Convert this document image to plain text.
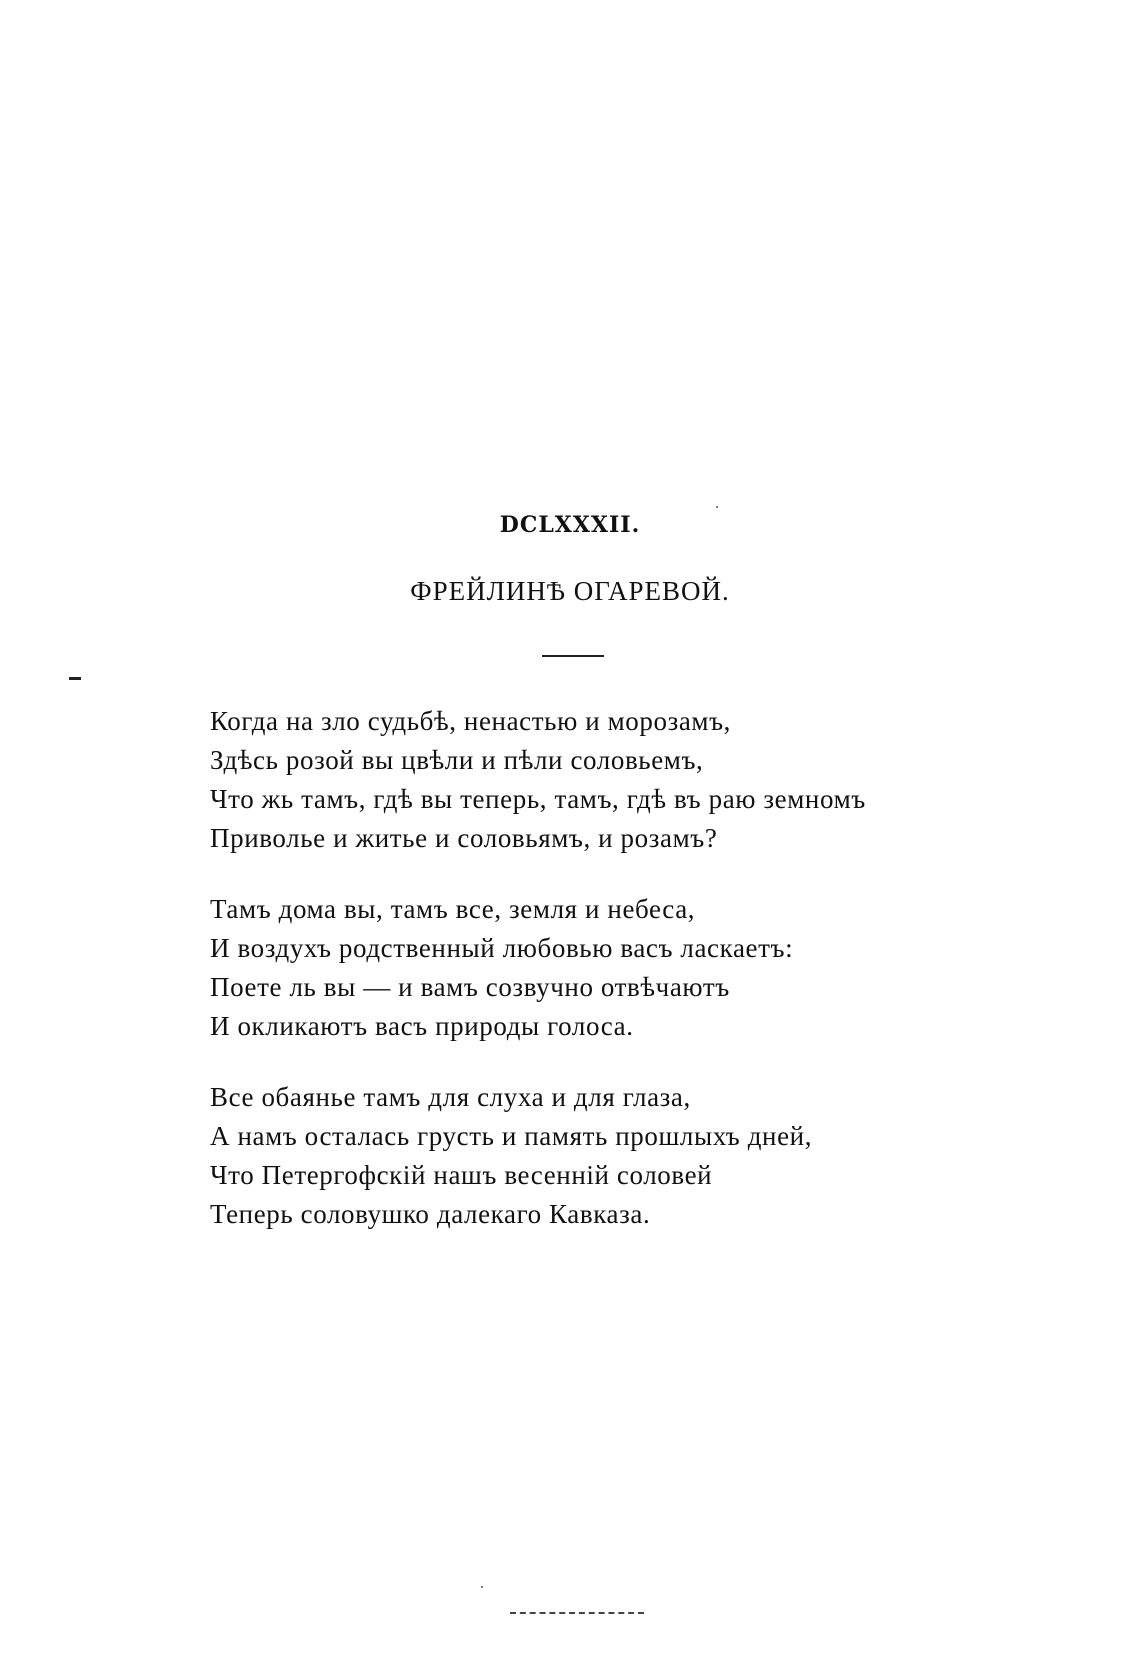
DCLXXXII.
ФРЕЙЛИНѢ ОГАРЕВОЙ.
Когда на зло судьбѣ, ненастью и морозамъ,
Здѣсь розой вы цвѣли и пѣли соловьемъ,
Что жь тамъ, гдѣ вы теперь, тамъ, гдѣ въ раю земномъ
Приволье и житье и соловьямъ, и розамъ?
Тамъ дома вы, тамъ все, земля и небеса,
И воздухъ родственный любовью васъ ласкаетъ:
Поете ль вы — и вамъ созвучно отвѣчаютъ
И окликаютъ васъ природы голоса.
Все обаянье тамъ для слуха и для глаза,
А намъ осталась грусть и память прошлыхъ дней,
Что Петергофскій нашъ весенній соловей
Теперь соловушко далекаго Кавказа.
